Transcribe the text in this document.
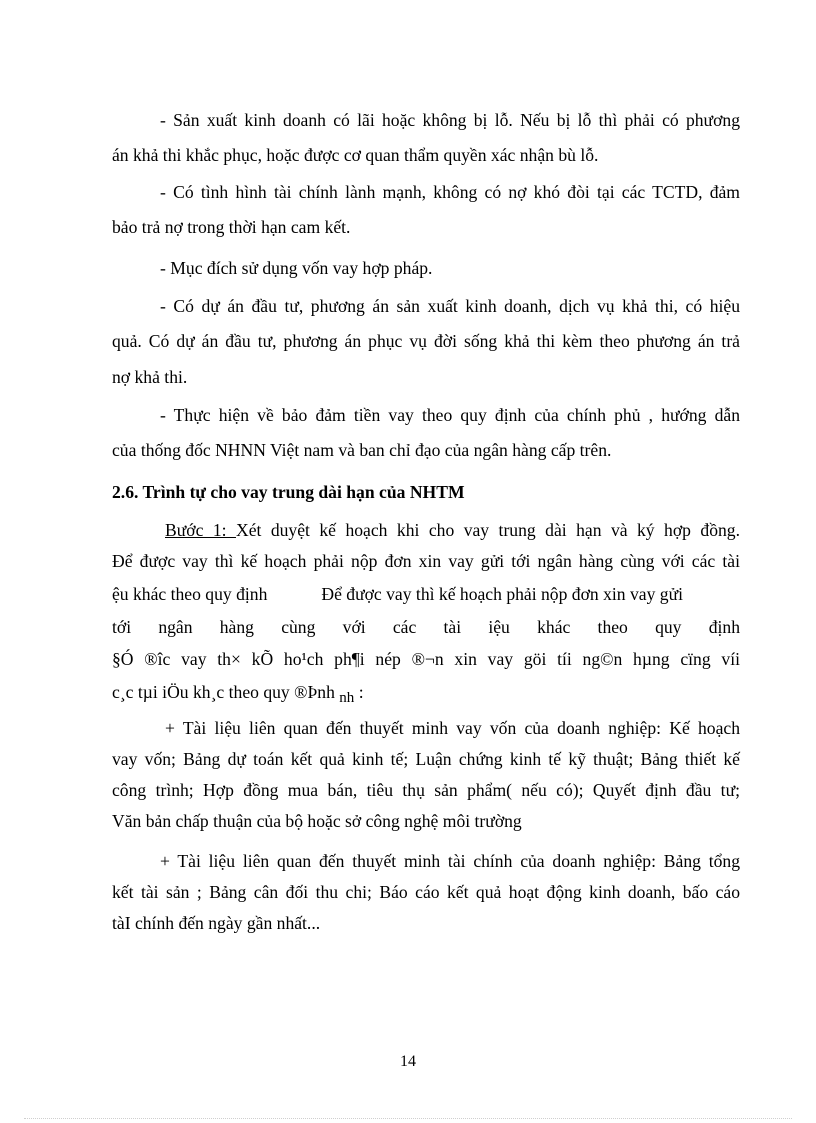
- Sản xuất kinh doanh có lãi hoặc không bị lỗ. Nếu bị lỗ thì phải có phương

án khả thi khắc phục, hoặc được cơ quan thẩm quyền xác nhận bù lỗ.

- Có tình hình tài chính lành mạnh, không có nợ khó đòi tại các TCTD, đảm

bảo trả nợ trong thời hạn cam kết.

- Mục đích sử dụng vốn vay hợp pháp.

- Có dự án đầu tư, phương án sản xuất kinh doanh, dịch vụ khả thi, có hiệu

quả. Có dự án đầu tư, phương án phục vụ đời sống khả thi kèm theo phương án trả

nợ khả thi.

- Thực hiện về bảo đảm tiền vay theo quy định của chính phủ , hướng dẫn

của thống đốc NHNN Việt nam và ban chỉ đạo của ngân hàng cấp trên.

2.6. Trình tự cho vay trung dài hạn của NHTM

Bước 1: Xét duyệt kế hoạch khi cho vay trung dài hạn và ký hợp đồng.

Để được vay thì kế hoạch phải nộp đơn xin vay gửi tới ngân hàng cùng với các tài

ệu khác theo quy định	Để được vay thì kế hoạch phải nộp đơn xin vay gửi

tới ngân hàng cùng với các tài iệu khác theo quy định

§Ó ®îc vay th× kÕ ho¹ch ph¶i nép ®¬n xin vay göi tíi ng©n hµng cïng víi

c¸c tµi iÖu kh¸c theo quy ®Þnh nh :

+ Tài liệu liên quan đến thuyết minh vay vốn của doanh nghiệp: Kế hoạch

vay vốn; Bảng dự toán kết quả kinh tế; Luận chứng kinh tế kỹ thuật; Bảng thiết kế

công trình; Hợp đồng mua bán, tiêu thụ sản phẩm( nếu có); Quyết định đầu tư;

Văn bản chấp thuận của bộ hoặc sở công nghệ môi trường

+ Tài liệu liên quan đến thuyết minh tài chính của doanh nghiệp: Bảng tổng

kết tài sản ; Bảng cân đối thu chi; Báo cáo kết quả hoạt động kinh doanh, bấo cáo

tàI chính đến ngày gần nhất...

14
